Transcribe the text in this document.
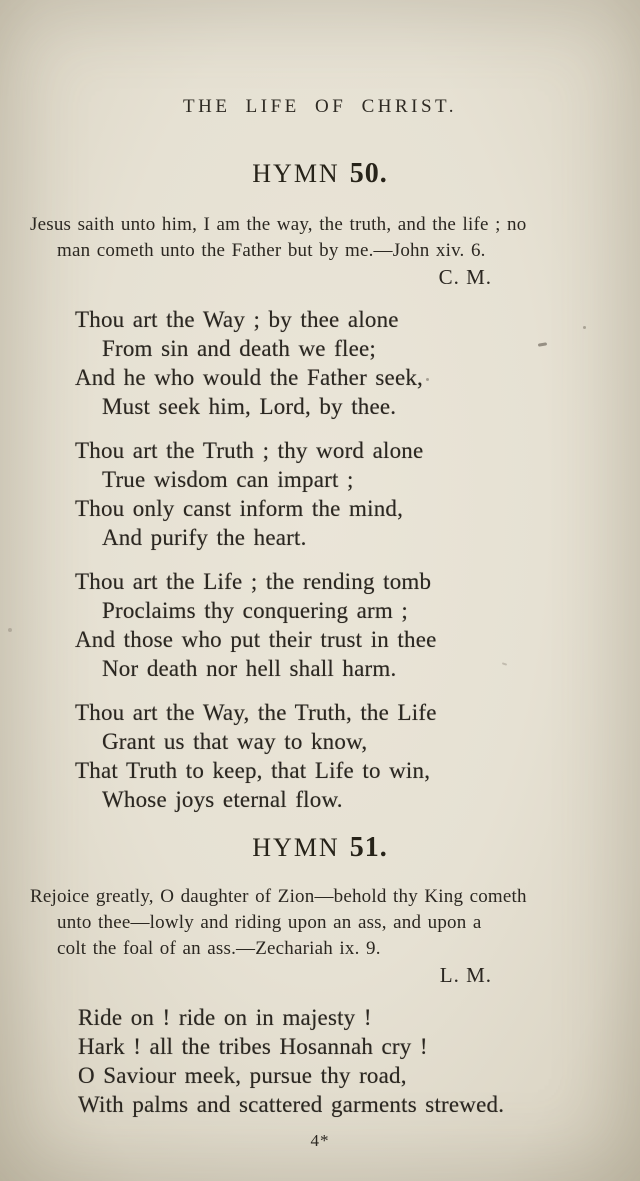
THE LIFE OF CHRIST.
HYMN 50.
Jesus saith unto him, I am the way, the truth, and the life ; no
man cometh unto the Father but by me.—John xiv. 6.
C. M.
Thou art the Way ; by thee alone
From sin and death we flee;
And he who would the Father seek,
Must seek him, Lord, by thee.
Thou art the Truth ; thy word alone
True wisdom can impart ;
Thou only canst inform the mind,
And purify the heart.
Thou art the Life ; the rending tomb
Proclaims thy conquering arm ;
And those who put their trust in thee
Nor death nor hell shall harm.
Thou art the Way, the Truth, the Life
Grant us that way to know,
That Truth to keep, that Life to win,
Whose joys eternal flow.
HYMN 51.
Rejoice greatly, O daughter of Zion—behold thy King cometh
unto thee—lowly and riding upon an ass, and upon a
colt the foal of an ass.—Zechariah ix. 9.
L. M.
Ride on ! ride on in majesty !
Hark ! all the tribes Hosannah cry !
O Saviour meek, pursue thy road,
With palms and scattered garments strewed.
4*
